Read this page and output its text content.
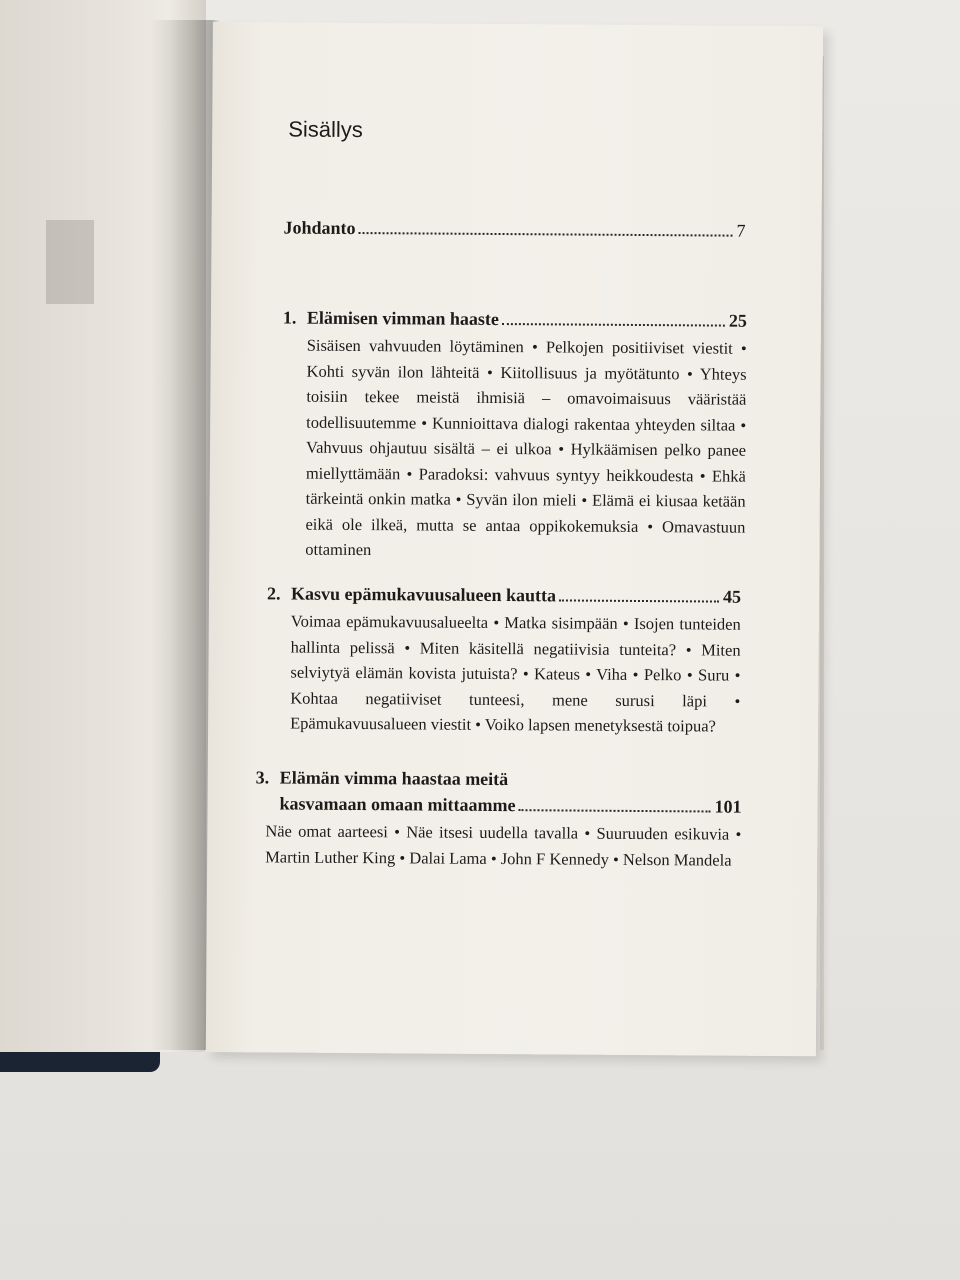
Sisällys
Johdanto	7
1. Elämisen vimman haaste	25

Sisäisen vahvuuden löytäminen • Pelkojen positiiviset viestit • Kohti syvän ilon lähteitä • Kiitollisuus ja myötätunto • Yhteys toisiin tekee meistä ihmisiä – omavoimaisuus vääristää todellisuutemme • Kunnioittava dialogi rakentaa yhteyden siltaa • Vahvuus ohjautuu sisältä – ei ulkoa • Hylkäämisen pelko panee miellyttämään • Paradoksi: vahvuus syntyy heikkoudesta • Ehkä tärkeintä onkin matka • Syvän ilon mieli • Elämä ei kiusaa ketään eikä ole ilkeä, mutta se antaa oppikokemuksia • Omavastuun ottaminen

2. Kasvu epämukavuusalueen kautta	45

Voimaa epämukavuusalueelta • Matka sisimpään • Isojen tunteiden hallinta pelissä • Miten käsitellä negatiivisia tunteita? • Miten selviytyä elämän kovista jutuista? • Kateus • Viha • Pelko • Suru • Kohtaa negatiiviset tunteesi, mene surusi läpi • Epämukavuusalueen viestit • Voiko lapsen menetyksestä toipua?

3. Elämän vimma haastaa meitä
kasvamaan omaan mittaamme	101

Näe omat aarteesi • Näe itsesi uudella tavalla • Suuruuden esikuvia • Martin Luther King • Dalai Lama • John F Kennedy • Nelson Mandela
